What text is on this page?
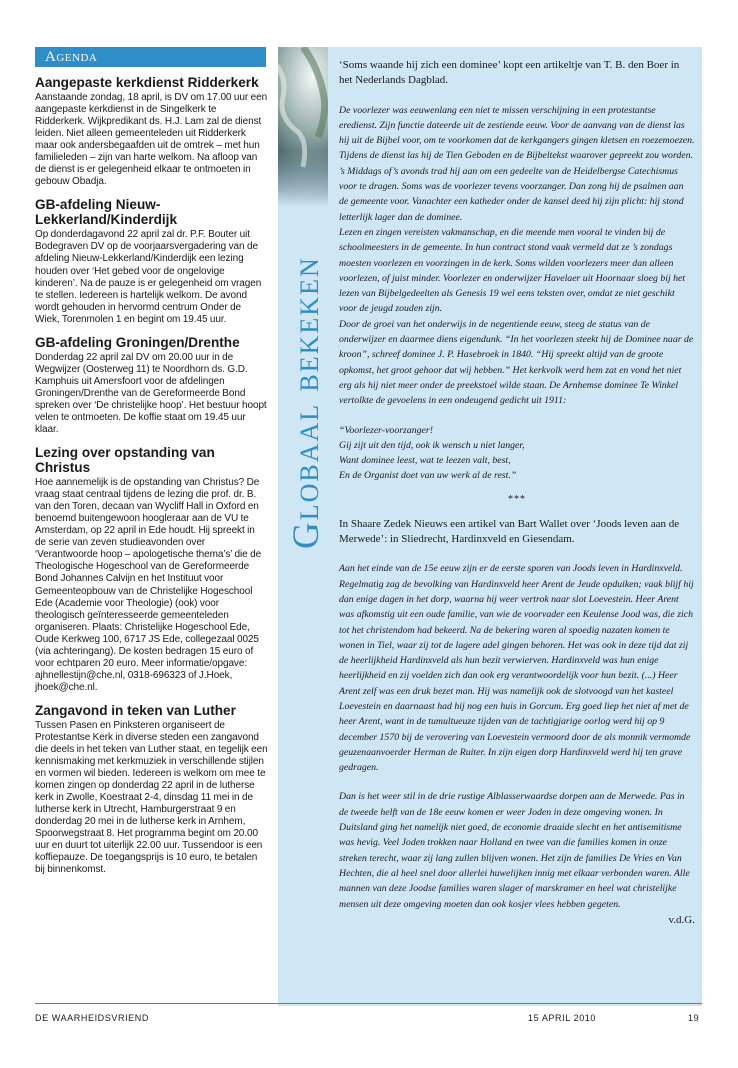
Agenda
Aangepaste kerkdienst Ridderkerk

Aanstaande zondag, 18 april, is DV om 17.00 uur een aangepaste kerkdienst in de Singelkerk te Ridderkerk. Wijkpredikant ds. H.J. Lam zal de dienst leiden. Niet alleen gemeenteleden uit Ridderkerk maar ook andersbegaafden uit de omtrek – met hun familieleden – zijn van harte welkom. Na afloop van de dienst is er gelegenheid elkaar te ontmoeten in gebouw Obadja.

GB-afdeling Nieuw-Lekkerland/Kinderdijk

Op donderdagavond 22 april zal dr. P.F. Bouter uit Bodegraven DV op de voorjaarsvergadering van de afdeling Nieuw-Lekkerland/Kinderdijk een lezing houden over ‘Het gebed voor de ongelovige kinderen’. Na de pauze is er gelegenheid om vragen te stellen. Iedereen is hartelijk welkom. De avond wordt gehouden in hervormd centrum Onder de Wiek, Torenmolen 1 en begint om 19.45 uur.

GB-afdeling Groningen/Drenthe

Donderdag 22 april zal DV om 20.00 uur in de Wegwijzer (Oosterweg 11) te Noordhorn ds. G.D. Kamphuis uit Amersfoort voor de afdelingen Groningen/Drenthe van de Gereformeerde Bond spreken over ‘De christelijke hoop’. Het bestuur hoopt velen te ontmoeten. De koffie staat om 19.45 uur klaar.

Lezing over opstanding van Christus

Hoe aannemelijk is de opstanding van Christus? De vraag staat centraal tijdens de lezing die prof. dr. B. van den Toren, decaan van Wycliff Hall in Oxford en benoemd buitengewoon hoogleraar aan de VU te Amsterdam, op 22 april in Ede houdt. Hij spreekt in de serie van zeven studieavonden over ‘Verantwoorde hoop – apologetische thema’s’ die de Theologische Hogeschool van de Gereformeerde Bond Johannes Calvijn en het Instituut voor Gemeenteopbouw van de Christelijke Hogeschool Ede (Academie voor Theologie) (ook) voor theologisch geïnteresseerde gemeenteleden organiseren. Plaats: Christelijke Hogeschool Ede, Oude Kerkweg 100, 6717 JS Ede, collegezaal 0025 (via achteringang). De kosten bedragen 15 euro of voor echtparen 20 euro. Meer informatie/opgave: ajhnellestijn@che.nl, 0318-696323 of J.Hoek, jhoek@che.nl.

Zangavond in teken van Luther

Tussen Pasen en Pinksteren organiseert de Protestantse Kerk in diverse steden een zangavond die deels in het teken van Luther staat, en tegelijk een kennismaking met kerkmuziek in verschillende stijlen en vormen wil bieden. Iedereen is welkom om mee te komen zingen op donderdag 22 april in de lutherse kerk in Zwolle, Koestraat 2-4, dinsdag 11 mei in de lutherse kerk in Utrecht, Hamburgerstraat 9 en donderdag 20 mei in de lutherse kerk in Arnhem, Spoorwegstraat 8. Het programma begint om 20.00 uur en duurt tot uiterlijk 22.00 uur. Tussendoor is een koffiepauze. De toegangsprijs is 10 euro, te betalen bij binnenkomst.

Globaal bekeken

‘Soms waande hij zich een dominee’ kopt een artikeltje van T. B. den Boer in het Nederlands Dagblad.

De voorlezer was eeuwenlang een niet te missen verschijning in een protestantse eredienst. Zijn functie dateerde uit de zestiende eeuw. Voor de aanvang van de dienst las hij uit de Bijbel voor, om te voorkomen dat de kerkgangers gingen kletsen en roezemoezen. Tijdens de dienst las hij de Tien Geboden en de Bijbeltekst waarover gepreekt zou worden. ’s Middags of’s avonds trad hij aan om een gedeelte van de Heidelbergse Catechismus voor te dragen. Soms was de voorlezer tevens voorzanger. Dan zong hij de psalmen aan de gemeente voor. Vanachter een katheder onder de kansel deed hij zijn plicht: hij stond letterlijk lager dan de dominee.

Lezen en zingen vereisten vakmanschap, en die meende men vooral te vinden bij de schoolmeesters in de gemeente. In hun contract stond vaak vermeld dat ze ’s zondags moesten voorlezen en voorzingen in de kerk. Soms wilden voorlezers meer dan alleen voorlezen, of juist minder. Voorlezer en onderwijzer Havelaer uit Hoornaar sloeg bij het lezen van Bijbelgedeelten als Genesis 19 wel eens teksten over, omdat ze niet geschikt voor de jeugd zouden zijn.

Door de groei van het onderwijs in de negentiende eeuw, steeg de status van de onderwijzer en daarmee diens eigendunk. “In het voorlezen steekt hij de Dominee naar de kroon”, schreef dominee J. P. Hasebroek in 1840. “Hij spreekt altijd van de groote opkomst, het groot gehoor dat wij hebben.” Het kerkvolk werd hem zat en vond het niet erg als hij niet meer onder de preekstoel wilde staan. De Arnhemse dominee Te Winkel vertolkte de gevoelens in een ondeugend gedicht uit 1911:

“Voorlezer-voorzanger!

Gij zijt uit den tijd, ook ik wensch u niet langer,

Want dominee leest, wat te leezen valt, best,

En de Organist doet van uw werk al de rest.”

***

In Shaare Zedek Nieuws een artikel van Bart Wallet over ‘Joods leven aan de Merwede’: in Sliedrecht, Hardinxveld en Giesendam.

Aan het einde van de 15e eeuw zijn er de eerste sporen van Joods leven in Hardinxveld. Regelmatig zag de bevolking van Hardinxveld heer Arent de Jeude opduiken; vaak blijf hij dan enige dagen in het dorp, waarna hij weer vertrok naar slot Loevestein. Heer Arent was afkomstig uit een oude familie, van wie de voorvader een Keulense Jood was, die zich tot het christendom had bekeerd. Na de bekering waren al spoedig nazaten komen te wonen in Tiel, waar zij tot de lagere adel gingen behoren. Het was ook in deze tijd dat zij de heerlijkheid Hardinxveld als hun bezit verwierven. Hardinxveld was hun enige heerlijkheid en zij voelden zich dan ook erg verantwoordelijk voor hun bezit. (...) Heer Arent zelf was een druk bezet man. Hij was namelijk ook de slotvoogd van het kasteel Loevestein en daarnaast had hij nog een huis in Gorcum. Erg goed liep het niet af met de heer Arent, want in de tumultueuze tijden van de tachtigjarige oorlog werd hij op 9 december 1570 bij de verovering van Loevestein vermoord door de als monnik vermomde geuzenaanvoerder Herman de Ruiter. In zijn eigen dorp Hardinxveld werd hij ten grave gedragen.

Dan is het weer stil in de drie rustige Alblasserwaardse dorpen aan de Merwede. Pas in de tweede helft van de 18e eeuw komen er weer Joden in deze omgeving wonen. In Duitsland ging het namelijk niet goed, de economie draaide slecht en het antisemitisme was hevig. Veel Joden trokken naar Holland en twee van die families komen in onze streken terecht, waar zij lang zullen blijven wonen. Het zijn de families De Vries en Van Hechten, die al heel snel door allerlei huwelijken innig met elkaar verbonden waren. Alle mannen van deze Joodse families waren slager of marskramer en heel wat christelijke mensen uit deze omgeving moeten dan ook kosjer vlees hebben gegeten.

v.d.G.
DE WAARHEIDSVRIEND	15 APRIL 2010	19
